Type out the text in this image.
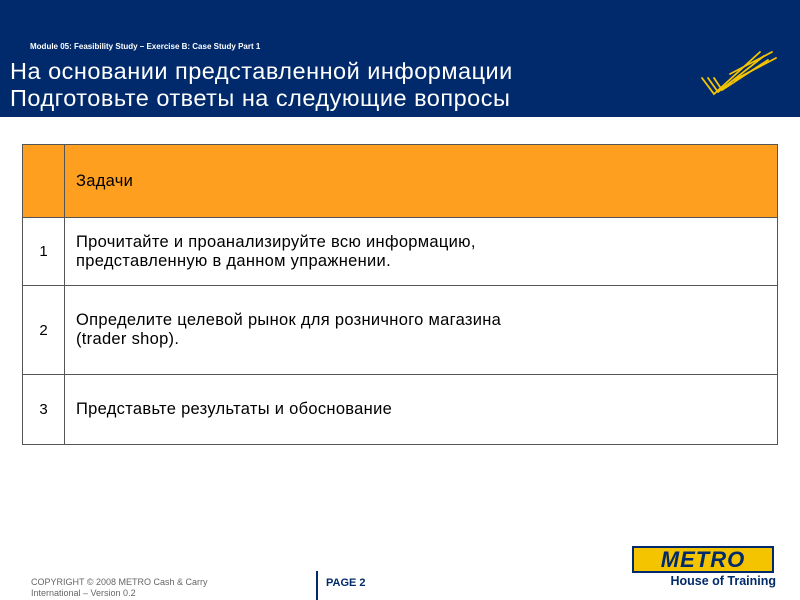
Module 05: Feasibility Study – Exercise B: Case Study Part 1
На основании представленной информации
Подготовьте ответы на следующие вопросы
	Задачи
1	Прочитайте и проанализируйте всю информацию,
представленную в данном упражнении.

2	Определите целевой рынок для розничного магазина
(trader shop).

3	Представьте результаты и обоснование
COPYRIGHT © 2008 METRO Cash & Carry
International – Version 0.2
PAGE 2
METRO
House of Training
